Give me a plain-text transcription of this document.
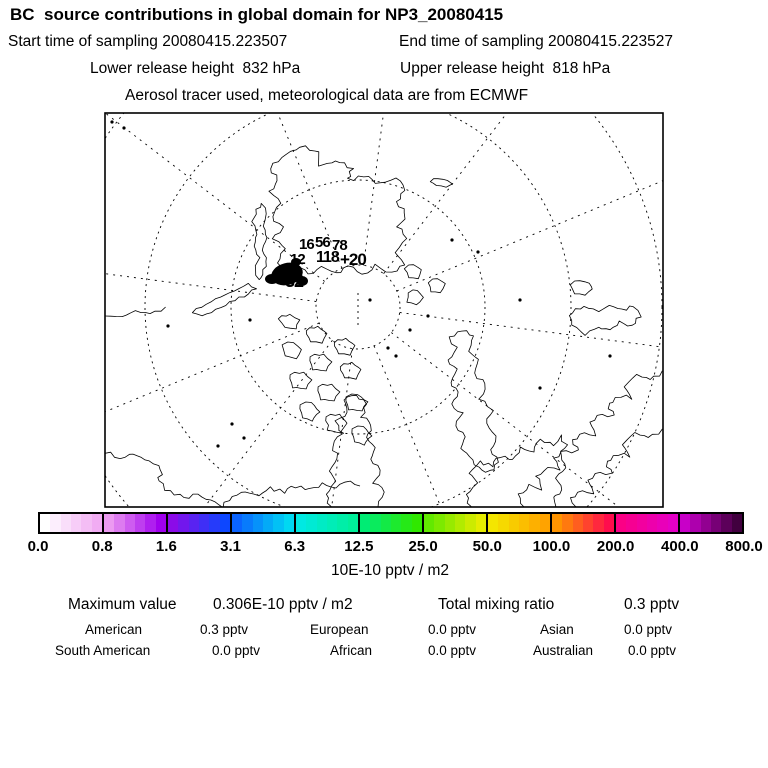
BC  source contributions in global domain for NP3_20080415
Start time of sampling 20080415.223507	End time of sampling 20080415.223527
Lower release height  832 hPa	Upper release height  818 hPa
Aerosol tracer used, meteorological data are from ECMWF
16 56 78
118 +20
12
32
0.0	0.8	1.6	3.1	6.3	12.5 25.0 50.0 100.0 200.0 400.0 800.0
10E-10 pptv / m2
Maximum value 0.306E-10 pptv / m2	Total mixing ratio	0.3 pptv
American	0.3 pptv	European	0.0 pptv	Asian	0.0 pptv
South American	0.0 pptv	African	0.0 pptv	Australian	0.0 pptv
